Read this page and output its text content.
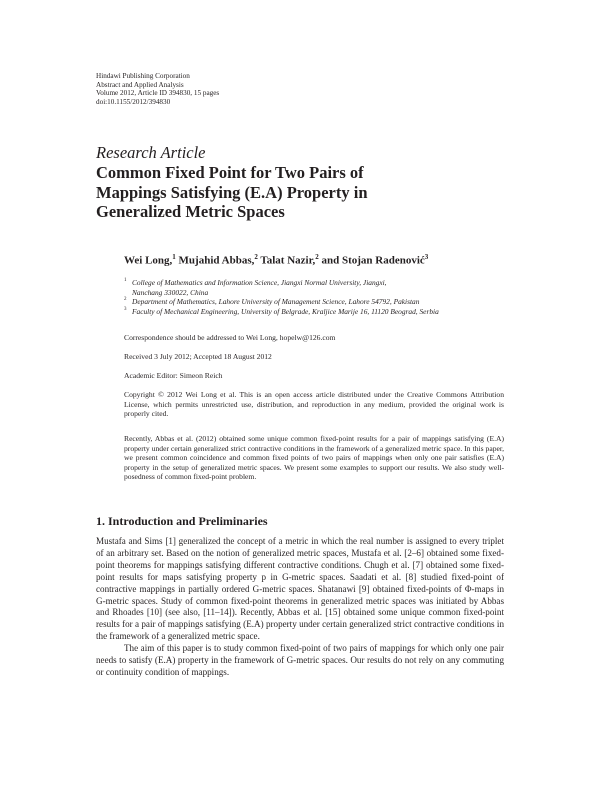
Hindawi Publishing Corporation
Abstract and Applied Analysis
Volume 2012, Article ID 394830, 15 pages
doi:10.1155/2012/394830
Research Article
Common Fixed Point for Two Pairs of
Mappings Satisfying (E.A) Property in
Generalized Metric Spaces
Wei Long,$^1$ Mujahid Abbas,$^2$ Talat Nazir,$^2$ and Stojan Radenović$^3$
1 College of Mathematics and Information Science, Jiangxi Normal University, Jiangxi,
Nanchang 330022, China
2 Department of Mathematics, Lahore University of Management Science, Lahore 54792, Pakistan
3 Faculty of Mechanical Engineering, University of Belgrade, Kraljice Marije 16, 11120 Beograd, Serbia
Correspondence should be addressed to Wei Long, hopelw@126.com
Received 3 July 2012; Accepted 18 August 2012
Academic Editor: Simeon Reich
Copyright © 2012 Wei Long et al. This is an open access article distributed under the Creative Commons Attribution License, which permits unrestricted use, distribution, and reproduction in any medium, provided the original work is properly cited.
Recently, Abbas et al. (2012) obtained some unique common fixed-point results for a pair of mappings satisfying (E.A) property under certain generalized strict contractive conditions in the framework of a generalized metric space. In this paper, we present common coincidence and common fixed points of two pairs of mappings when only one pair satisfies (E.A) property in the setup of generalized metric spaces. We present some examples to support our results. We also study well-posedness of common fixed-point problem.
1. Introduction and Preliminaries

Mustafa and Sims [1] generalized the concept of a metric in which the real number is assigned to every triplet of an arbitrary set. Based on the notion of generalized metric spaces, Mustafa et al. [2–6] obtained some fixed-point theorems for mappings satisfying different contractive conditions. Chugh et al. [7] obtained some fixed-point results for maps satisfying property p in G-metric spaces. Saadati et al. [8] studied fixed-point of contractive mappings in partially ordered G-metric spaces. Shatanawi [9] obtained fixed-points of Φ-maps in G-metric spaces. Study of common fixed-point theorems in generalized metric spaces was initiated by Abbas and Rhoades [10] (see also, [11–14]). Recently, Abbas et al. [15] obtained some unique common fixed-point results for a pair of mappings satisfying (E.A) property under certain generalized strict contractive conditions in the framework of a generalized metric space.

The aim of this paper is to study common fixed-point of two pairs of mappings for which only one pair needs to satisfy (E.A) property in the framework of G-metric spaces. Our results do not rely on any commuting or continuity condition of mappings.
